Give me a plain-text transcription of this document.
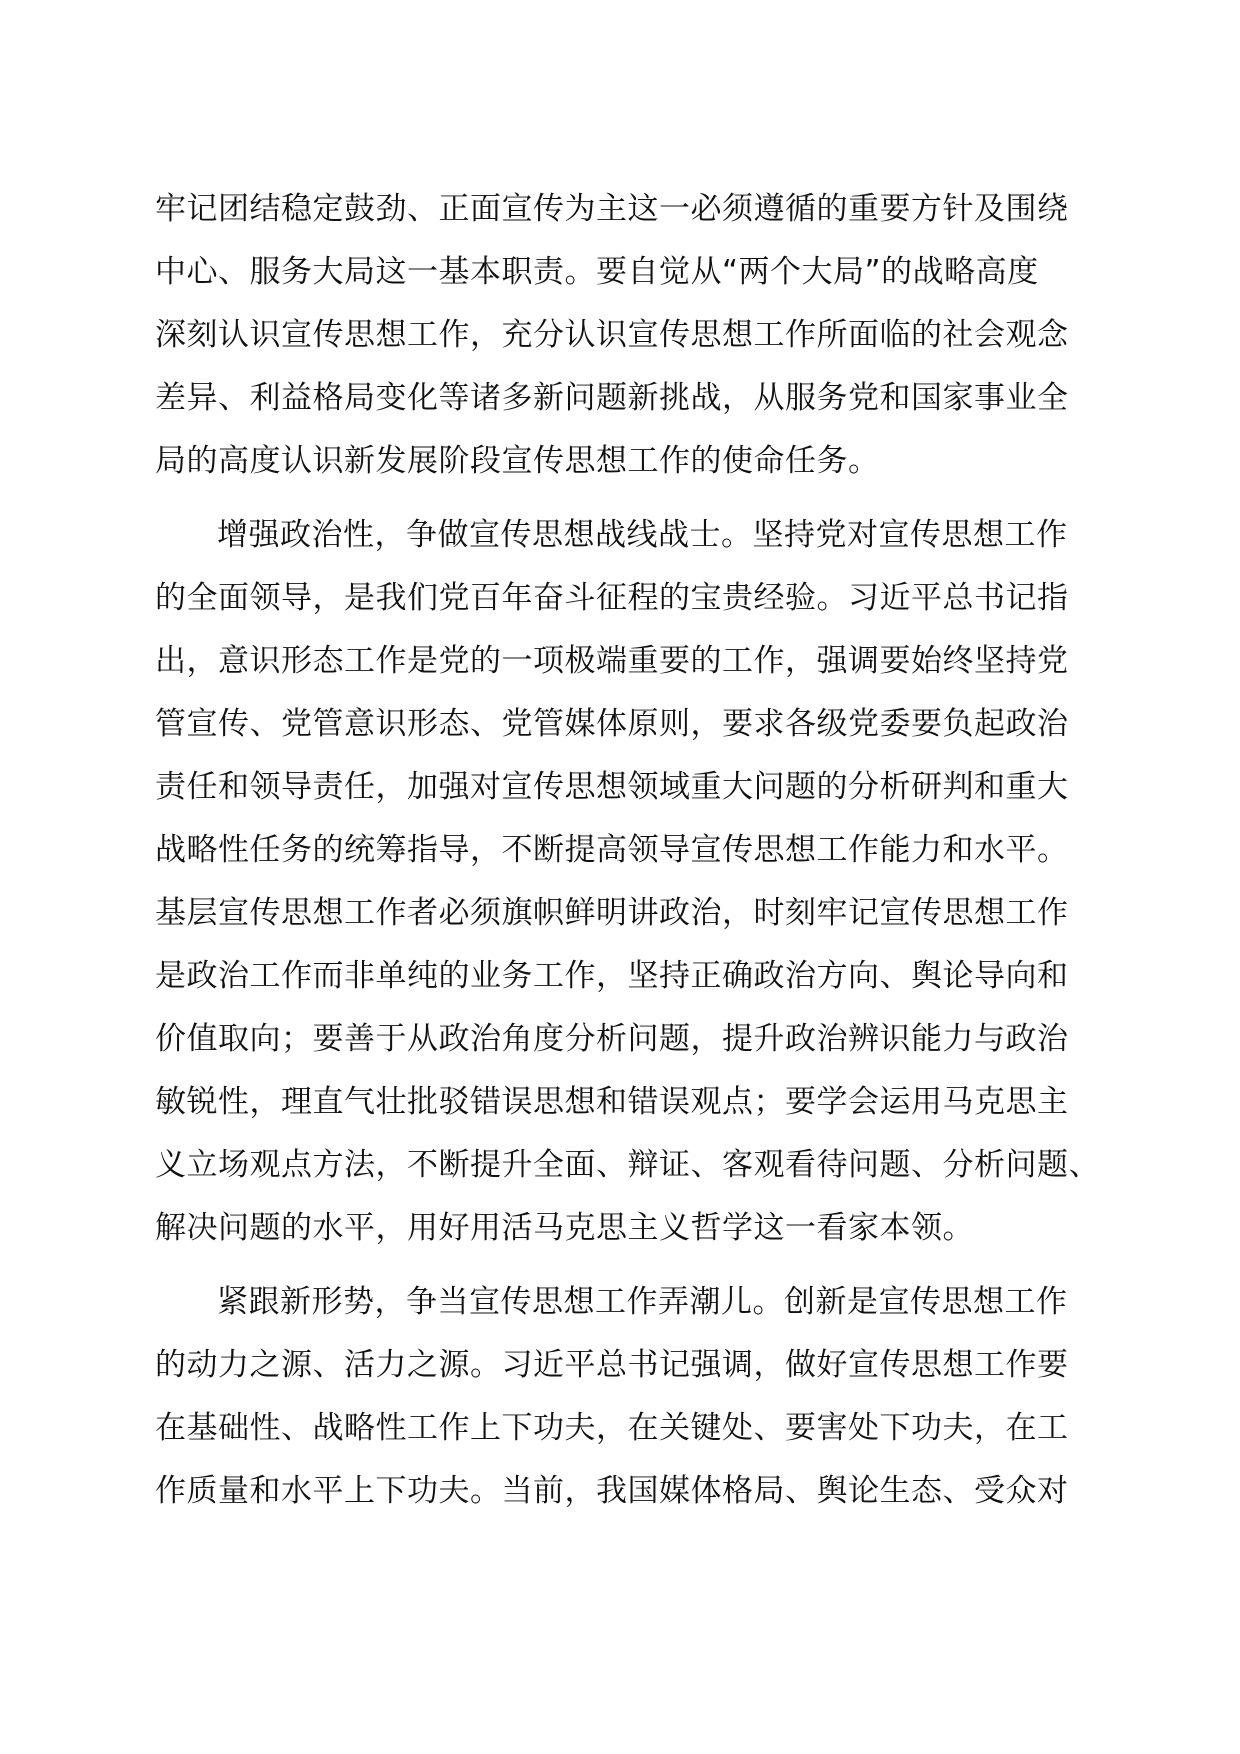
牢记团结稳定鼓劲、正面宣传为主这一必须遵循的重要方针及围绕
中心、服务大局这一基本职责。要自觉从“两个大局”的战略高度
深刻认识宣传思想工作，充分认识宣传思想工作所面临的社会观念
差异、利益格局变化等诸多新问题新挑战，从服务党和国家事业全
局的高度认识新发展阶段宣传思想工作的使命任务。
增强政治性，争做宣传思想战线战士。坚持党对宣传思想工作
的全面领导，是我们党百年奋斗征程的宝贵经验。习近平总书记指
出，意识形态工作是党的一项极端重要的工作，强调要始终坚持党
管宣传、党管意识形态、党管媒体原则，要求各级党委要负起政治
责任和领导责任，加强对宣传思想领域重大问题的分析研判和重大
战略性任务的统筹指导，不断提高领导宣传思想工作能力和水平。
基层宣传思想工作者必须旗帜鲜明讲政治，时刻牢记宣传思想工作
是政治工作而非单纯的业务工作，坚持正确政治方向、舆论导向和
价值取向；要善于从政治角度分析问题，提升政治辨识能力与政治
敏锐性，理直气壮批驳错误思想和错误观点；要学会运用马克思主
义立场观点方法，不断提升全面、辩证、客观看待问题、分析问题、
解决问题的水平，用好用活马克思主义哲学这一看家本领。
紧跟新形势，争当宣传思想工作弄潮儿。创新是宣传思想工作
的动力之源、活力之源。习近平总书记强调，做好宣传思想工作要
在基础性、战略性工作上下功夫，在关键处、要害处下功夫，在工
作质量和水平上下功夫。当前，我国媒体格局、舆论生态、受众对
